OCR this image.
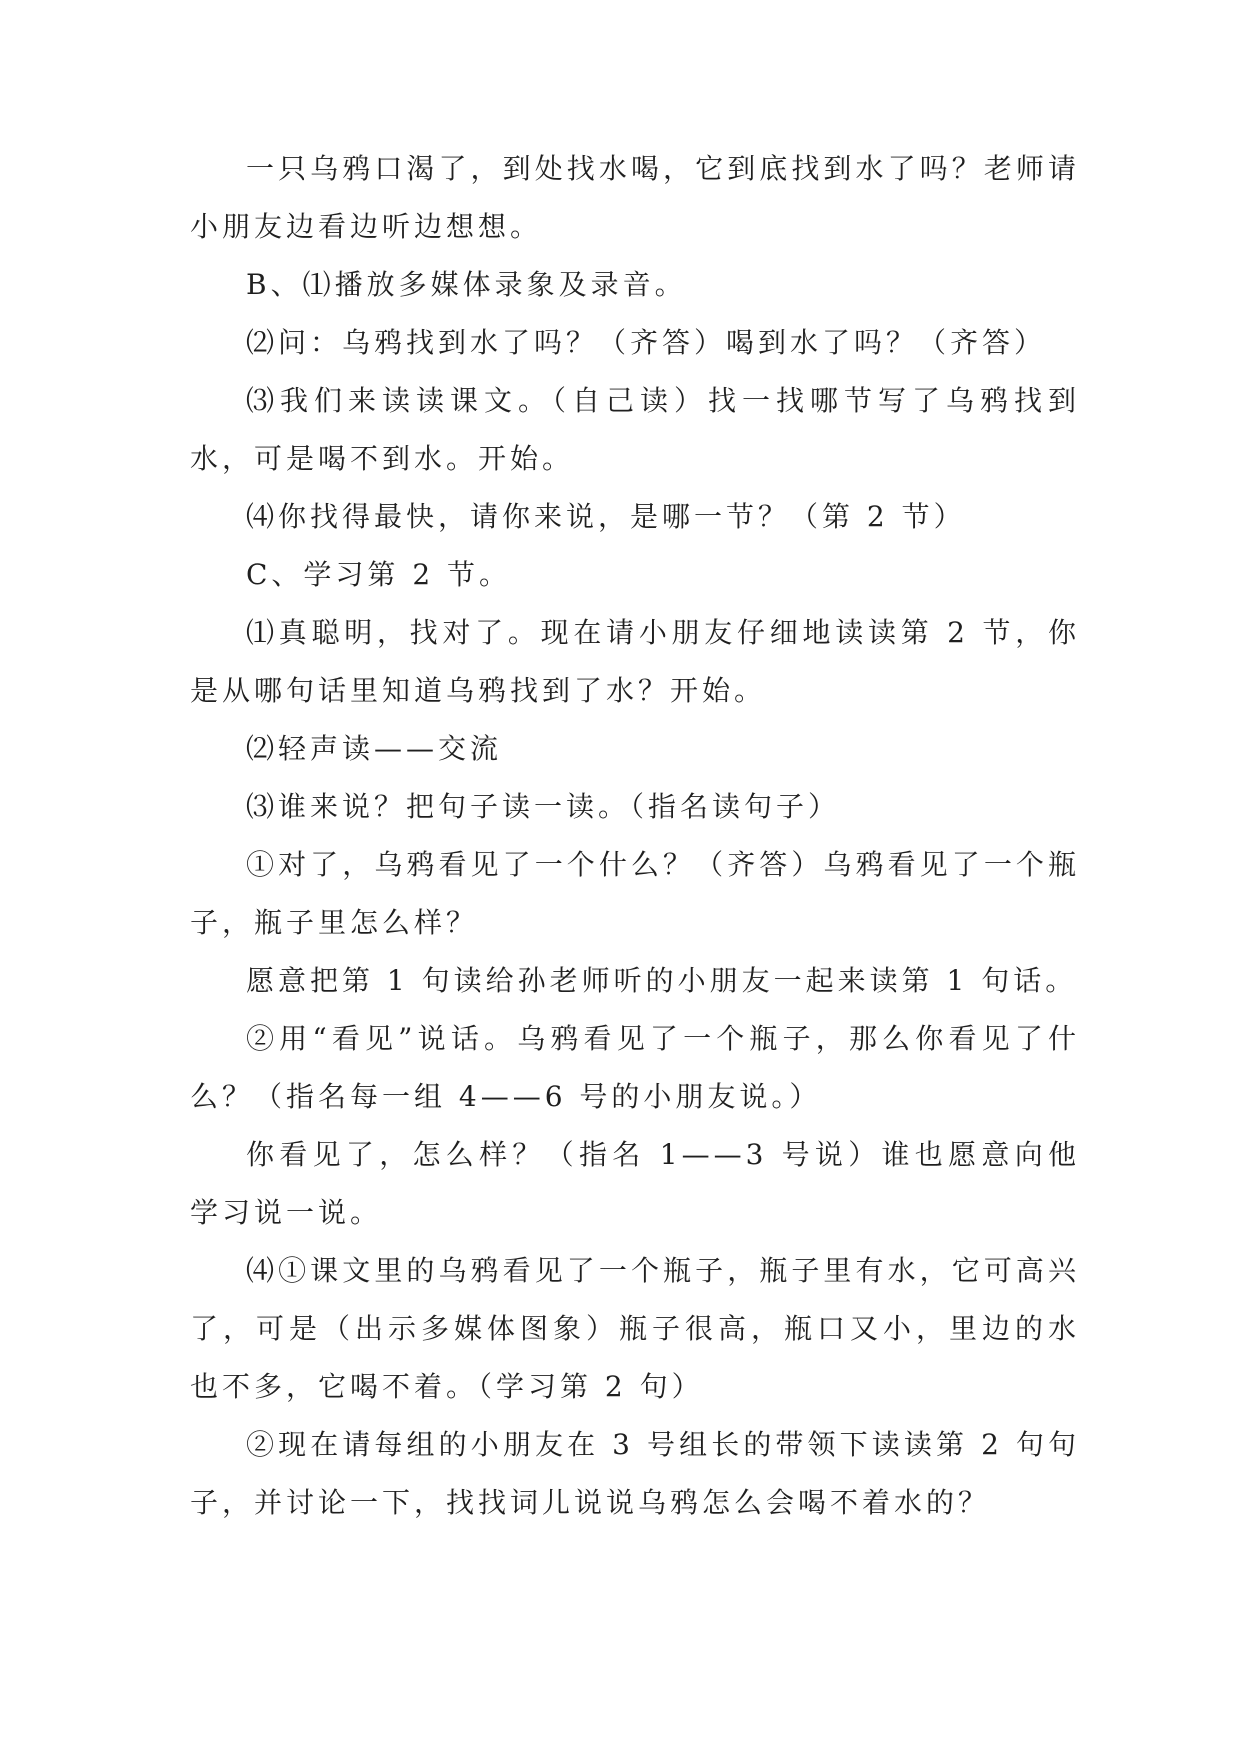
一只乌鸦口渴了，到处找水喝，它到底找到水了吗？老师请小朋友边看边听边想想。

B、⑴播放多媒体录象及录音。

⑵问：乌鸦找到水了吗？（齐答）喝到水了吗？（齐答）

⑶我们来读读课文。（自己读）找一找哪节写了乌鸦找到水，可是喝不到水。开始。

⑷你找得最快，请你来说，是哪一节？（第 2 节）

C、学习第 2 节。

⑴真聪明，找对了。现在请小朋友仔细地读读第 2 节，你是从哪句话里知道乌鸦找到了水？开始。

⑵轻声读——交流

⑶谁来说？把句子读一读。（指名读句子）

①对了，乌鸦看见了一个什么？（齐答）乌鸦看见了一个瓶子，瓶子里怎么样？

愿意把第 1 句读给孙老师听的小朋友一起来读第 1 句话。

②用“看见”说话。乌鸦看见了一个瓶子，那么你看见了什么？（指名每一组 4——6 号的小朋友说。）

你看见了，怎么样？（指名 1——3 号说）谁也愿意向他学习说一说。

⑷①课文里的乌鸦看见了一个瓶子，瓶子里有水，它可高兴了，可是（出示多媒体图象）瓶子很高，瓶口又小，里边的水也不多，它喝不着。（学习第 2 句）

②现在请每组的小朋友在 3 号组长的带领下读读第 2 句句子，并讨论一下，找找词儿说说乌鸦怎么会喝不着水的？
